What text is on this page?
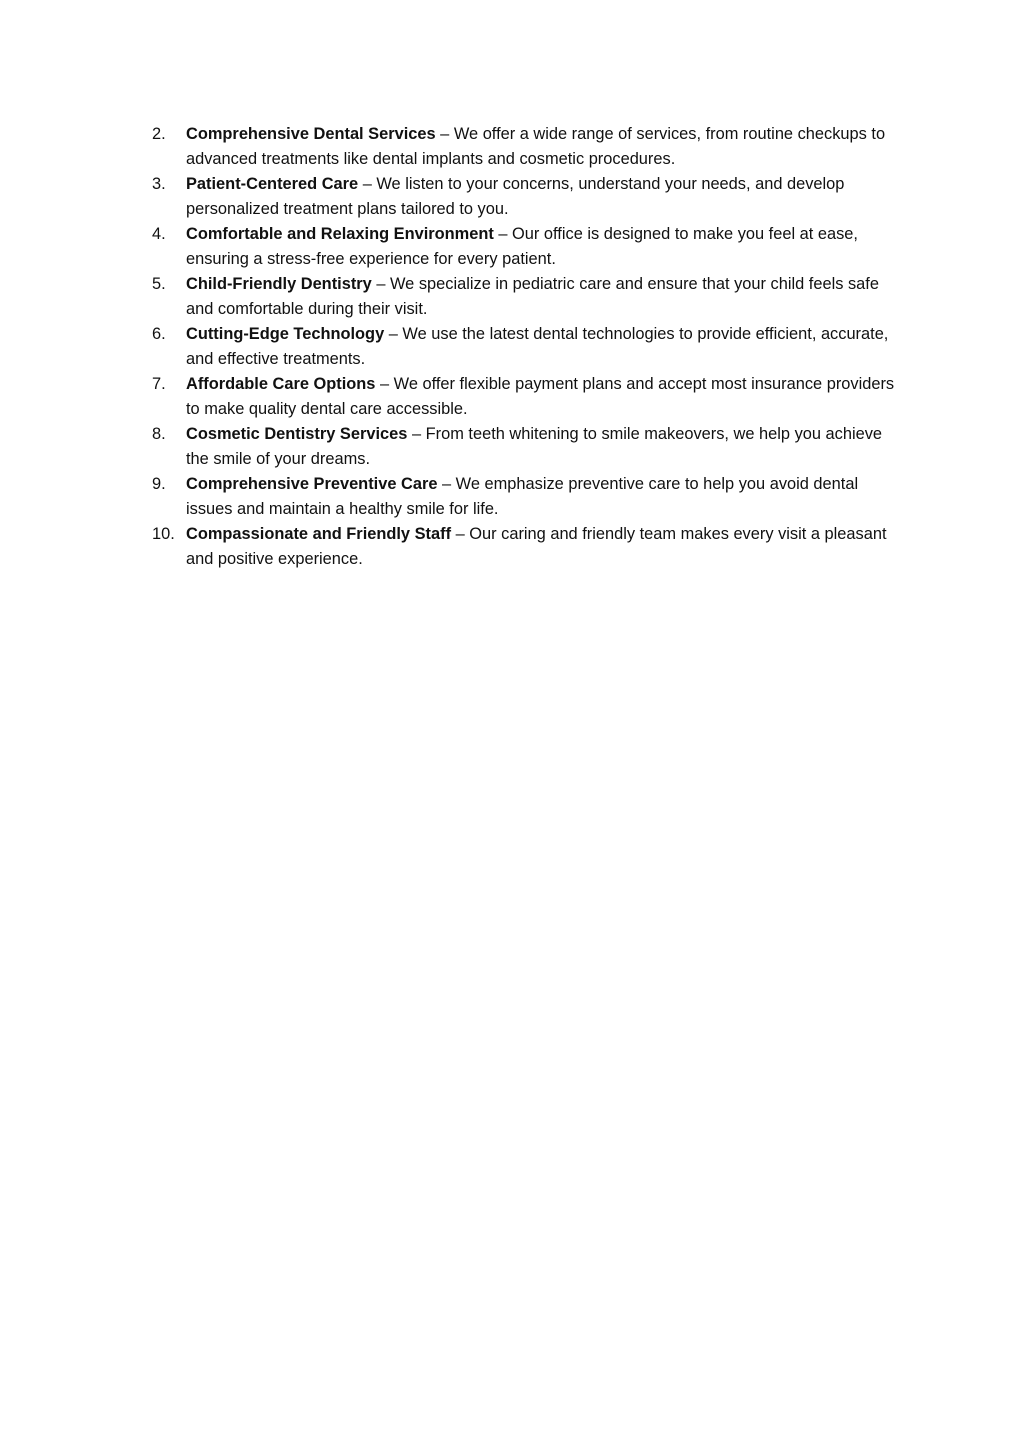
2.	Comprehensive Dental Services – We offer a wide range of services, from routine checkups to advanced treatments like dental implants and cosmetic procedures.
3.	Patient-Centered Care – We listen to your concerns, understand your needs, and develop personalized treatment plans tailored to you.
4.	Comfortable and Relaxing Environment – Our office is designed to make you feel at ease, ensuring a stress-free experience for every patient.
5.	Child-Friendly Dentistry – We specialize in pediatric care and ensure that your child feels safe and comfortable during their visit.
6.	Cutting-Edge Technology – We use the latest dental technologies to provide efficient, accurate, and effective treatments.
7.	Affordable Care Options – We offer flexible payment plans and accept most insurance providers to make quality dental care accessible.
8.	Cosmetic Dentistry Services – From teeth whitening to smile makeovers, we help you achieve the smile of your dreams.
9.	Comprehensive Preventive Care – We emphasize preventive care to help you avoid dental issues and maintain a healthy smile for life.
10. Compassionate and Friendly Staff – Our caring and friendly team makes every visit a pleasant and positive experience.
